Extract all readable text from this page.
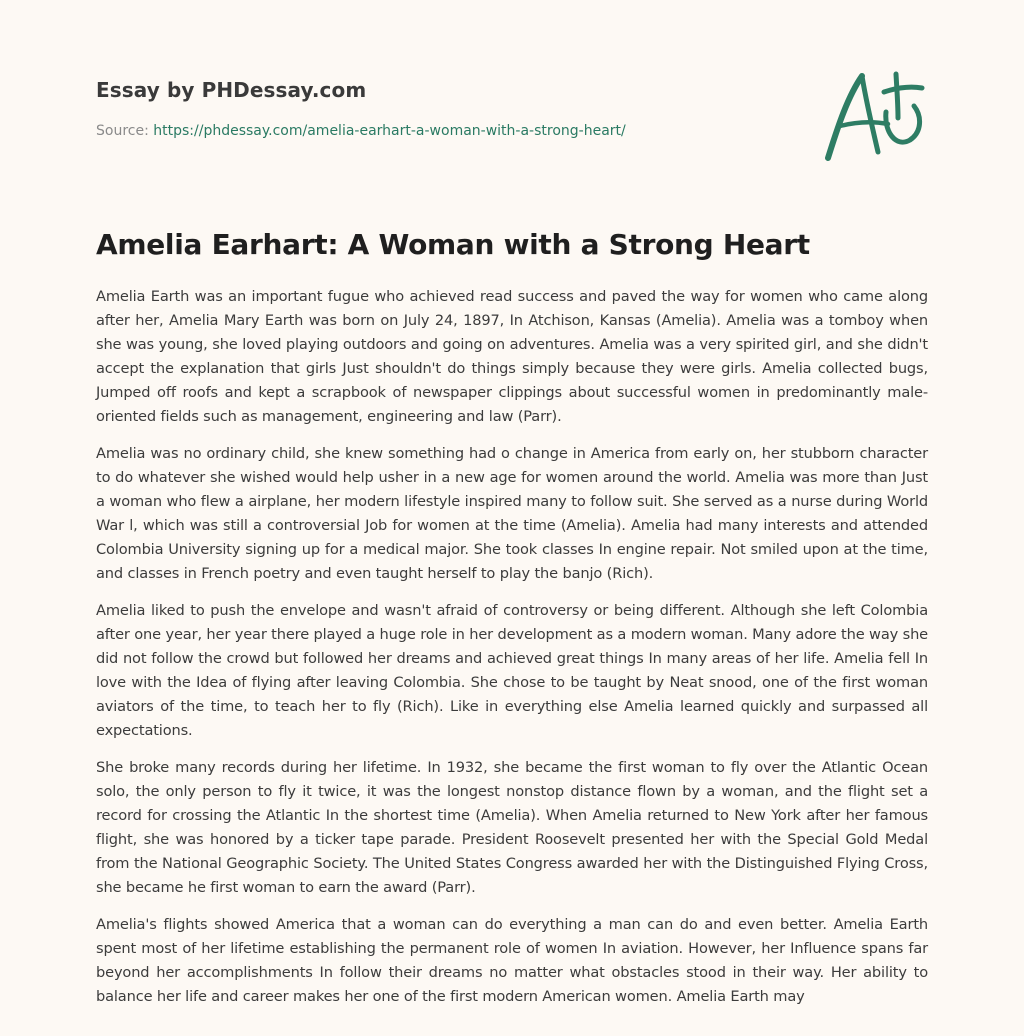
Essay by PHDessay.com

Source: https://phdessay.com/amelia-earhart-a-woman-with-a-strong-heart/
Amelia Earhart: A Woman with a Strong Heart

Amelia Earth was an important fugue who achieved read success and paved the way for women who came along after her, Amelia Mary Earth was born on July 24, 1897, In Atchison, Kansas (Amelia). Amelia was a tomboy when she was young, she loved playing outdoors and going on adventures. Amelia was a very spirited girl, and she didn't accept the explanation that girls Just shouldn't do things simply because they were girls. Amelia collected bugs, Jumped off roofs and kept a scrapbook of newspaper clippings about successful women in predominantly male-oriented fields such as management, engineering and law (Parr).

Amelia was no ordinary child, she knew something had o change in America from early on, her stubborn character to do whatever she wished would help usher in a new age for women around the world. Amelia was more than Just a woman who flew a airplane, her modern lifestyle inspired many to follow suit. She served as a nurse during World War l, which was still a controversial Job for women at the time (Amelia). Amelia had many interests and attended Colombia University signing up for a medical major. She took classes In engine repair. Not smiled upon at the time, and classes in French poetry and even taught herself to play the banjo (Rich).

Amelia liked to push the envelope and wasn't afraid of controversy or being different. Although she left Colombia after one year, her year there played a huge role in her development as a modern woman. Many adore the way she did not follow the crowd but followed her dreams and achieved great things In many areas of her life. Amelia fell In love with the Idea of flying after leaving Colombia. She chose to be taught by Neat snood, one of the first woman aviators of the time, to teach her to fly (Rich). Like in everything else Amelia learned quickly and surpassed all expectations.

She broke many records during her lifetime. In 1932, she became the first woman to fly over the Atlantic Ocean solo, the only person to fly it twice, it was the longest nonstop distance flown by a woman, and the flight set a record for crossing the Atlantic In the shortest time (Amelia). When Amelia returned to New York after her famous flight, she was honored by a ticker tape parade. President Roosevelt presented her with the Special Gold Medal from the National Geographic Society. The United States Congress awarded her with the Distinguished Flying Cross, she became he first woman to earn the award (Parr).

Amelia's flights showed America that a woman can do everything a man can do and even better. Amelia Earth spent most of her lifetime establishing the permanent role of women In aviation. However, her Influence spans far beyond her accomplishments In follow their dreams no matter what obstacles stood in their way. Her ability to balance her life and career makes her one of the first modern American women. Amelia Earth may
